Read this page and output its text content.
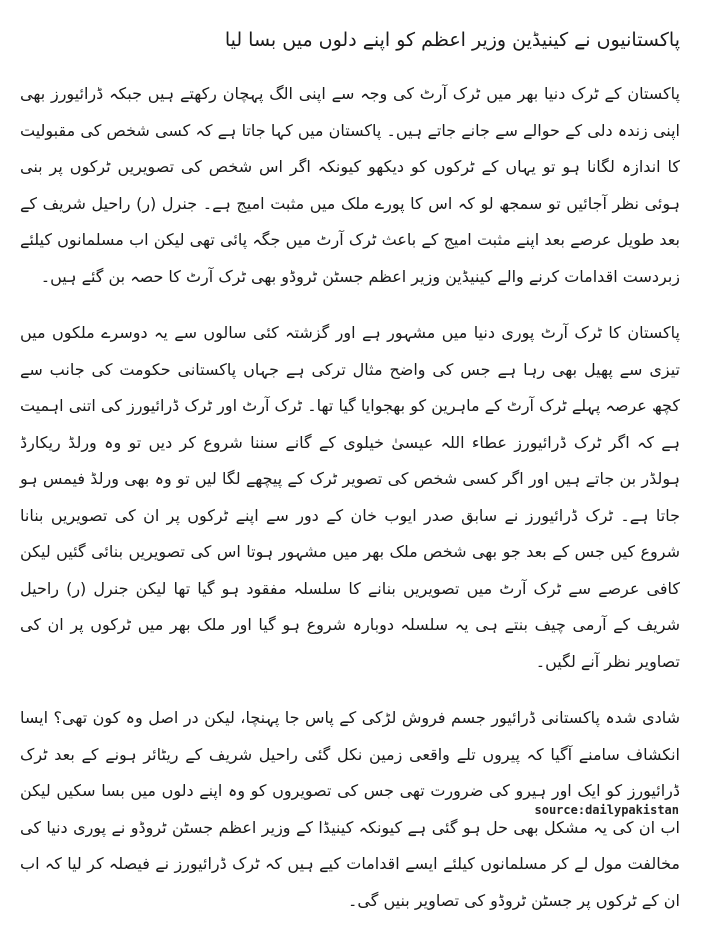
پاکستانیوں نے کینیڈین وزیر اعظم کو اپنے دلوں میں بسا لیا

پاکستان کے ٹرک دنیا بھر میں ٹرک آرٹ کی وجہ سے اپنی الگ پہچان رکھتے ہیں جبکہ ڈرائیورز بھی اپنی زندہ دلی کے حوالے سے جانے جاتے ہیں۔ پاکستان میں کہا جاتا ہے کہ کسی شخص کی مقبولیت کا اندازہ لگانا ہو تو یہاں کے ٹرکوں کو دیکھو کیونکہ اگر اس شخص کی تصویریں ٹرکوں پر بنی ہوئی نظر آجائیں تو سمجھ لو کہ اس کا پورے ملک میں مثبت امیج ہے۔ جنرل (ر) راحیل شریف کے بعد طویل عرصے بعد اپنے مثبت امیج کے باعث ٹرک آرٹ میں جگہ پائی تھی لیکن اب مسلمانوں کیلئے زبردست اقدامات کرنے والے کینیڈین وزیر اعظم جسٹن ٹروڈو بھی ٹرک آرٹ کا حصہ بن گئے ہیں۔

پاکستان کا ٹرک آرٹ پوری دنیا میں مشہور ہے اور گزشتہ کئی سالوں سے یہ دوسرے ملکوں میں تیزی سے پھیل بھی رہا ہے جس کی واضح مثال ترکی ہے جہاں پاکستانی حکومت کی جانب سے کچھ عرصہ پہلے ٹرک آرٹ کے ماہرین کو بھجوایا گیا تھا۔ ٹرک آرٹ اور ٹرک ڈرائیورز کی اتنی اہمیت ہے کہ اگر ٹرک ڈرائیورز عطاء اللہ عیسیٰ خیلوی کے گانے سننا شروع کر دیں تو وہ ورلڈ ریکارڈ ہولڈر بن جاتے ہیں اور اگر کسی شخص کی تصویر ٹرک کے پیچھے لگا لیں تو وہ بھی ورلڈ فیمس ہو جاتا ہے۔ ٹرک ڈرائیورز نے سابق صدر ایوب خان کے دور سے اپنے ٹرکوں پر ان کی تصویریں بنانا شروع کیں جس کے بعد جو بھی شخص ملک بھر میں مشہور ہوتا اس کی تصویریں بنائی گئیں لیکن کافی عرصے سے ٹرک آرٹ میں تصویریں بنانے کا سلسلہ مفقود ہو گیا تھا لیکن جنرل (ر) راحیل شریف کے آرمی چیف بنتے ہی یہ سلسلہ دوبارہ شروع ہو گیا اور ملک بھر میں ٹرکوں پر ان کی تصاویر نظر آنے لگیں۔

شادی شدہ پاکستانی ڈرائیور جسم فروش لڑکی کے پاس جا پہنچا، لیکن در اصل وہ کون تھی؟ ایسا انکشاف سامنے آگیا کہ پیروں تلے واقعی زمین نکل گئی راحیل شریف کے ریٹائر ہونے کے بعد ٹرک ڈرائیورز کو ایک اور ہیرو کی ضرورت تھی جس کی تصویروں کو وہ اپنے دلوں میں بسا سکیں لیکن اب ان کی یہ مشکل بھی حل ہو گئی ہے کیونکہ کینیڈا کے وزیر اعظم جسٹن ٹروڈو نے پوری دنیا کی مخالفت مول لے کر مسلمانوں کیلئے ایسے اقدامات کیے ہیں کہ ٹرک ڈرائیورز نے فیصلہ کر لیا کہ اب ان کے ٹرکوں پر جسٹن ٹروڈو کی تصاویر بنیں گی۔

source:dailypakistan
